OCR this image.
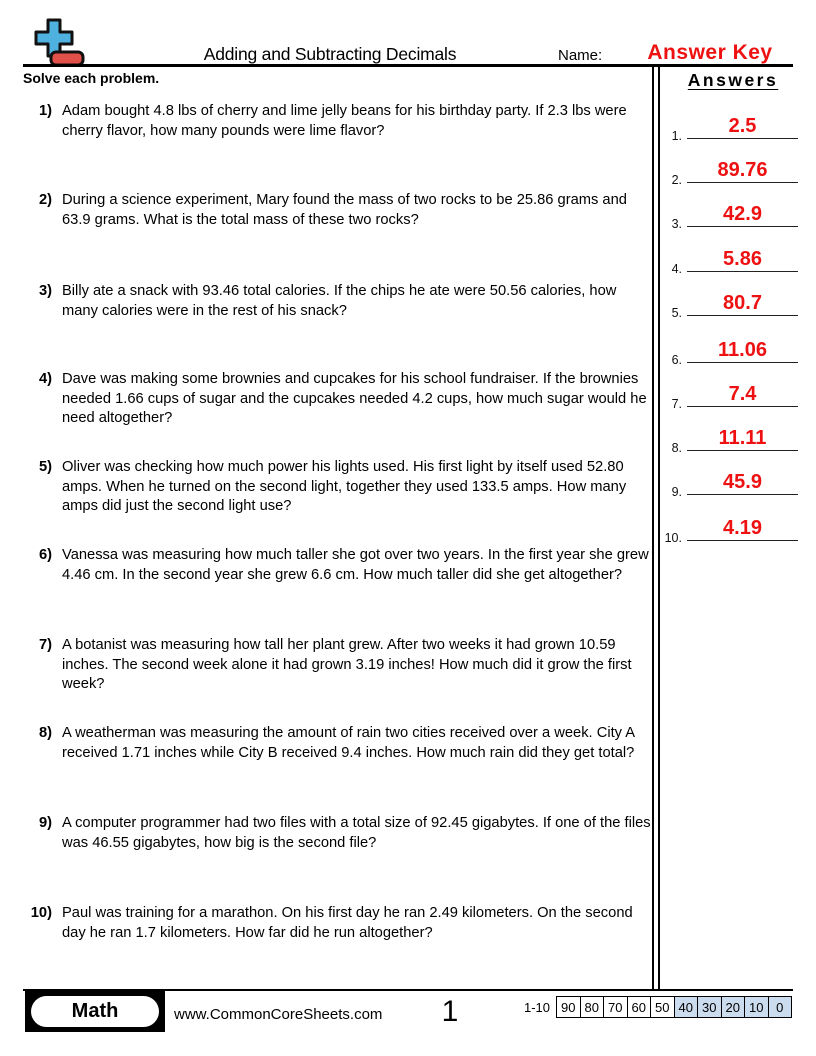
Adding and Subtracting Decimals	Name:	Answer Key
Solve each problem.
1) Adam bought 4.8 lbs of cherry and lime jelly beans for his birthday party. If 2.3 lbs were cherry flavor, how many pounds were lime flavor?
2) During a science experiment, Mary found the mass of two rocks to be 25.86 grams and 63.9 grams. What is the total mass of these two rocks?
3) Billy ate a snack with 93.46 total calories. If the chips he ate were 50.56 calories, how many calories were in the rest of his snack?
4) Dave was making some brownies and cupcakes for his school fundraiser. If the brownies needed 1.66 cups of sugar and the cupcakes needed 4.2 cups, how much sugar would he need altogether?
5) Oliver was checking how much power his lights used. His first light by itself used 52.80 amps. When he turned on the second light, together they used 133.5 amps. How many amps did just the second light use?
6) Vanessa was measuring how much taller she got over two years. In the first year she grew 4.46 cm. In the second year she grew 6.6 cm. How much taller did she get altogether?
7) A botanist was measuring how tall her plant grew. After two weeks it had grown 10.59 inches. The second week alone it had grown 3.19 inches! How much did it grow the first week?
8) A weatherman was measuring the amount of rain two cities received over a week. City A received 1.71 inches while City B received 9.4 inches. How much rain did they get total?
9) A computer programmer had two files with a total size of 92.45 gigabytes. If one of the files was 46.55 gigabytes, how big is the second file?
10) Paul was training for a marathon. On his first day he ran 2.49 kilometers. On the second day he ran 1.7 kilometers. How far did he run altogether?
Answers
1.	2.5
2.	89.76
3.	42.9
4.	5.86
5.	80.7
6.	11.06
7.	7.4
8.	11.11
9.	45.9
10.	4.19
Math	www.CommonCoreSheets.com	1	1-10 90	80	70	60	50	40	30	20	10	0
